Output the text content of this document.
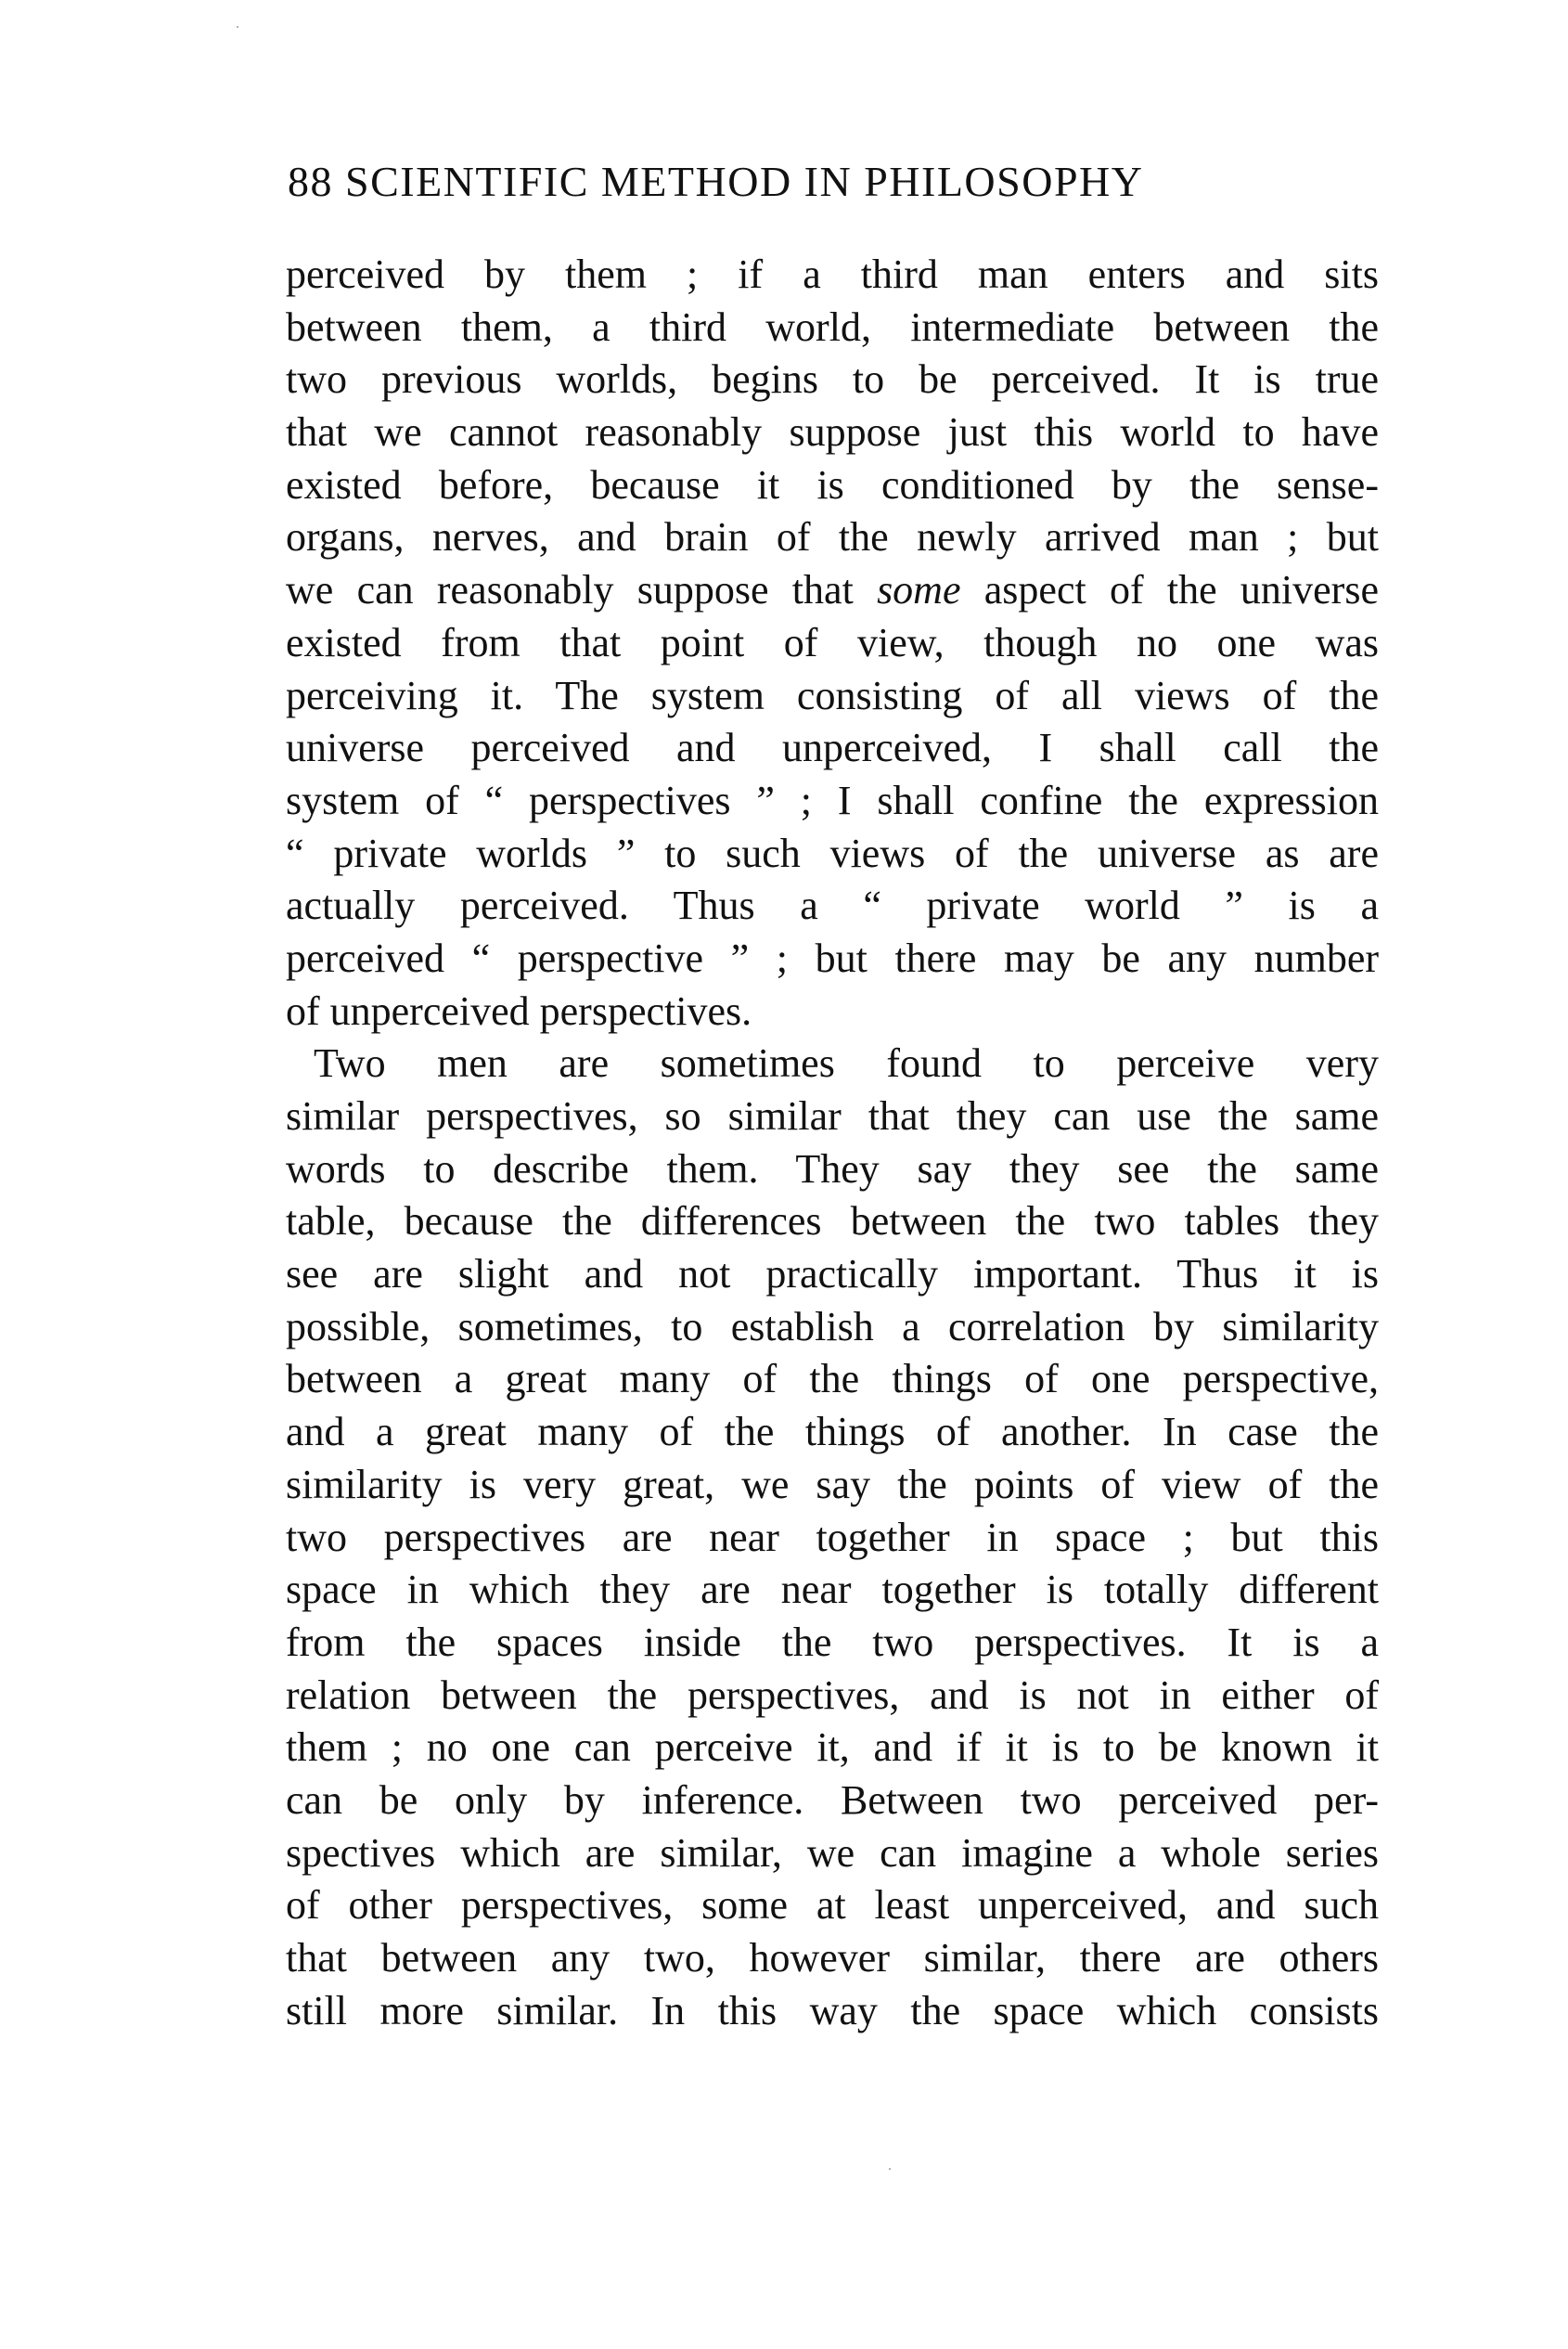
88 SCIENTIFIC METHOD IN PHILOSOPHY
perceived by them ; if a third man enters and sits
between them, a third world, intermediate between the
two previous worlds, begins to be perceived. It is true
that we cannot reasonably suppose just this world to have
existed before, because it is conditioned by the sense-
organs, nerves, and brain of the newly arrived man ; but
we can reasonably suppose that some aspect of the universe
existed from that point of view, though no one was
perceiving it. The system consisting of all views of the
universe perceived and unperceived, I shall call the
system of “ perspectives ” ; I shall confine the expression
“ private worlds ” to such views of the universe as are
actually perceived. Thus a “ private world ” is a
perceived “ perspective ” ; but there may be any number
of unperceived perspectives.
Two men are sometimes found to perceive very
similar perspectives, so similar that they can use the same
words to describe them. They say they see the same
table, because the differences between the two tables they
see are slight and not practically important. Thus it is
possible, sometimes, to establish a correlation by similarity
between a great many of the things of one perspective,
and a great many of the things of another. In case the
similarity is very great, we say the points of view of the
two perspectives are near together in space ; but this
space in which they are near together is totally different
from the spaces inside the two perspectives. It is a
relation between the perspectives, and is not in either of
them ; no one can perceive it, and if it is to be known it
can be only by inference. Between two perceived per-
spectives which are similar, we can imagine a whole series
of other perspectives, some at least unperceived, and such
that between any two, however similar, there are others
still more similar. In this way the space which consists
